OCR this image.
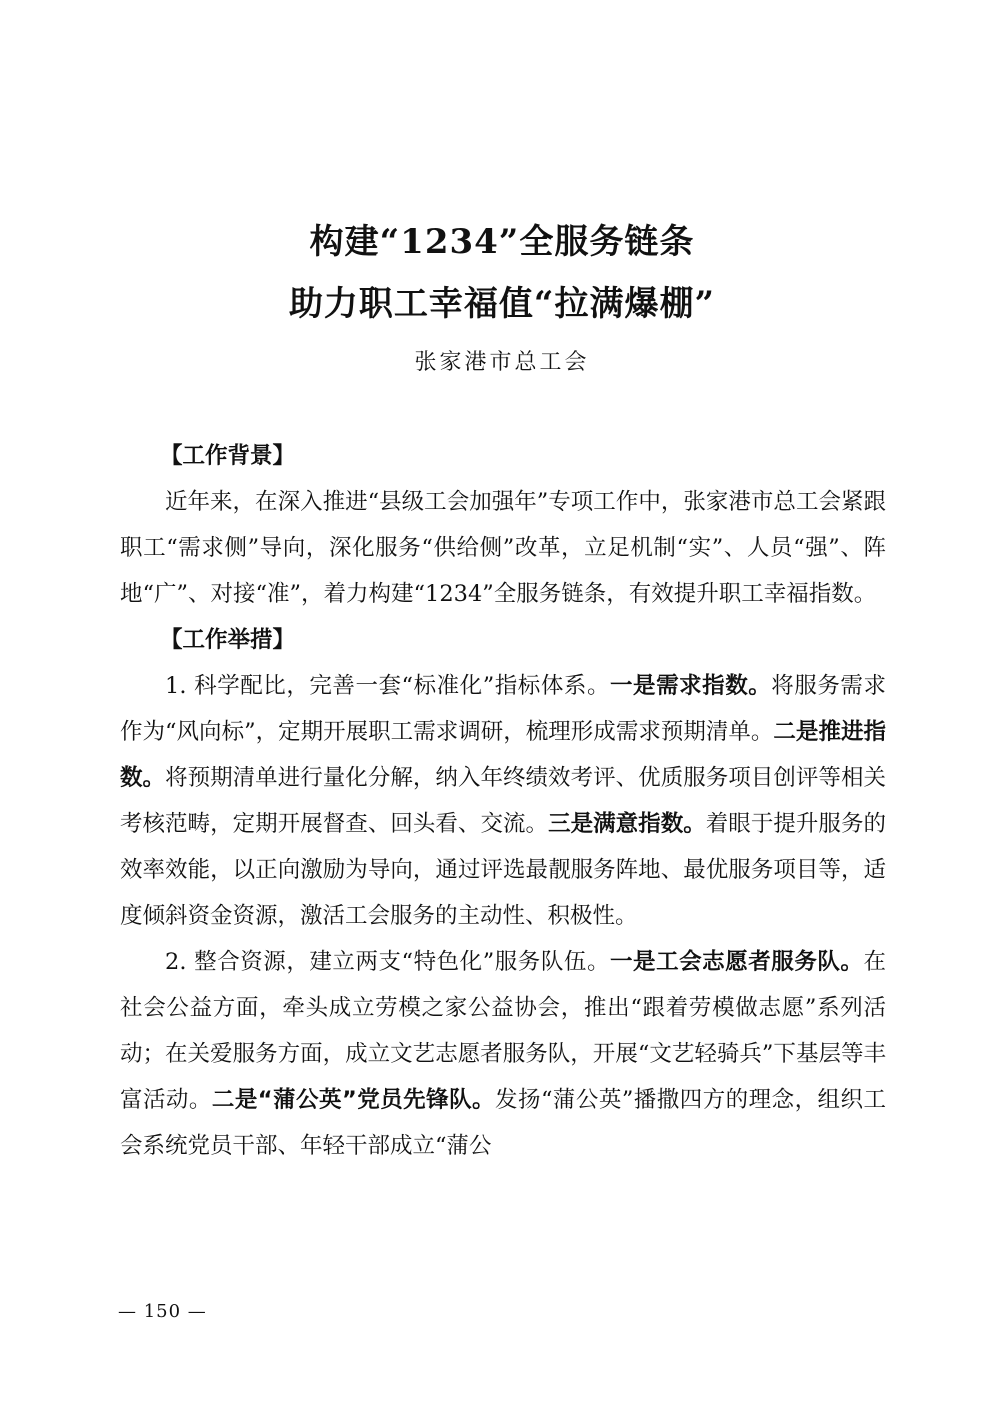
构建“1234”全服务链条
助力职工幸福值“拉满爆棚”
张家港市总工会

【工作背景】

近年来，在深入推进“县级工会加强年”专项工作中，张家港市总工会紧跟职工“需求侧”导向，深化服务“供给侧”改革，立足机制“实”、人员“强”、阵地“广”、对接“准”，着力构建“1234”全服务链条，有效提升职工幸福指数。

【工作举措】

1. 科学配比，完善一套“标准化”指标体系。一是需求指数。将服务需求作为“风向标”，定期开展职工需求调研，梳理形成需求预期清单。二是推进指数。将预期清单进行量化分解，纳入年终绩效考评、优质服务项目创评等相关考核范畴，定期开展督查、回头看、交流。三是满意指数。着眼于提升服务的效率效能，以正向激励为导向，通过评选最靓服务阵地、最优服务项目等，适度倾斜资金资源，激活工会服务的主动性、积极性。

2. 整合资源，建立两支“特色化”服务队伍。一是工会志愿者服务队。在社会公益方面，牵头成立劳模之家公益协会，推出“跟着劳模做志愿”系列活动；在关爱服务方面，成立文艺志愿者服务队，开展“文艺轻骑兵”下基层等丰富活动。二是“蒲公英”党员先锋队。发扬“蒲公英”播撒四方的理念，组织工会系统党员干部、年轻干部成立“蒲公

— 150 —
